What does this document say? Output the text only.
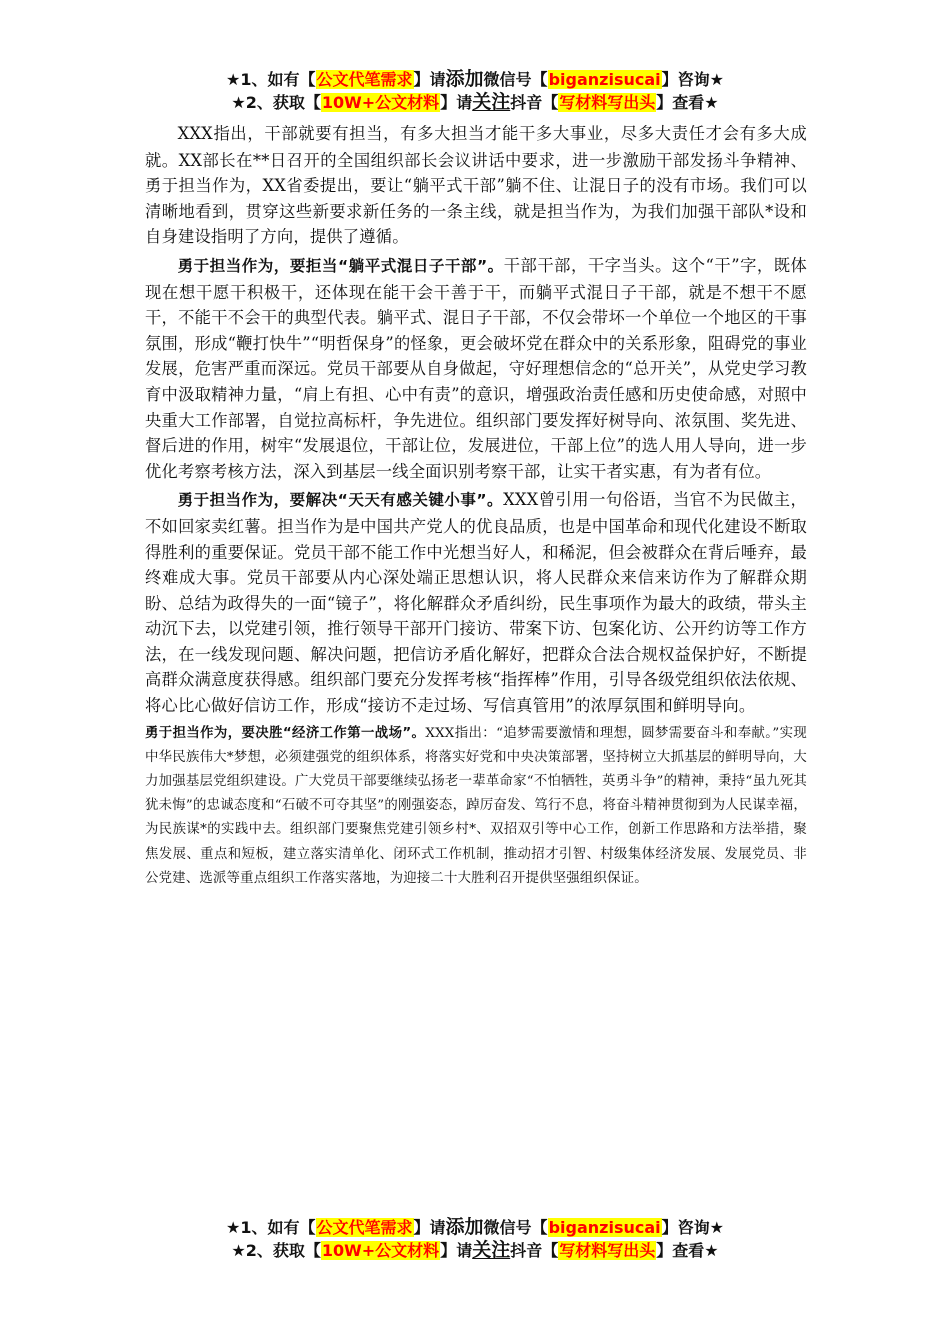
★1、如有【公文代笔需求】请添加微信号【biganzisucai】咨询★
★2、获取【10W+公文材料】请关注抖音【写材料写出头】查看★

XXX指出，干部就要有担当，有多大担当才能干多大事业，尽多大责任才会有多大成就。XX部长在**日召开的全国组织部长会议讲话中要求，进一步激励干部发扬斗争精神、勇于担当作为，XX省委提出，要让“躺平式干部”躺不住、让混日子的没有市场。我们可以清晰地看到，贯穿这些新要求新任务的一条主线，就是担当作为，为我们加强干部队*设和自身建设指明了方向，提供了遵循。

勇于担当作为，要拒当“躺平式混日子干部”。干部干部，干字当头。这个“干”字，既体现在想干愿干积极干，还体现在能干会干善于干，而躺平式混日子干部，就是不想干不愿干，不能干不会干的典型代表。躺平式、混日子干部，不仅会带坏一个单位一个地区的干事氛围，形成“鞭打快牛”“明哲保身”的怪象，更会破坏党在群众中的关系形象，阻碍党的事业发展，危害严重而深远。党员干部要从自身做起，守好理想信念的“总开关”，从党史学习教育中汲取精神力量，“肩上有担、心中有责”的意识，增强政治责任感和历史使命感，对照中央重大工作部署，自觉拉高标杆，争先进位。组织部门要发挥好树导向、浓氛围、奖先进、督后进的作用，树牢“发展退位，干部让位，发展进位，干部上位”的选人用人导向，进一步优化考察考核方法，深入到基层一线全面识别考察干部，让实干者实惠，有为者有位。

勇于担当作为，要解决“天天有感关键小事”。XXX曾引用一句俗语，当官不为民做主，不如回家卖红薯。担当作为是中国共产党人的优良品质，也是中国革命和现代化建设不断取得胜利的重要保证。党员干部不能工作中光想当好人，和稀泥，但会被群众在背后唾弃，最终难成大事。党员干部要从内心深处端正思想认识，将人民群众来信来访作为了解群众期盼、总结为政得失的一面“镜子”，将化解群众矛盾纠纷，民生事项作为最大的政绩，带头主动沉下去，以党建引领，推行领导干部开门接访、带案下访、包案化访、公开约访等工作方法，在一线发现问题、解决问题，把信访矛盾化解好，把群众合法合规权益保护好，不断提高群众满意度获得感。组织部门要充分发挥考核“指挥棒”作用，引导各级党组织依法依规、将心比心做好信访工作，形成“接访不走过场、写信真管用”的浓厚氛围和鲜明导向。

勇于担当作为，要决胜“经济工作第一战场”。XXX指出：“追梦需要激情和理想，圆梦需要奋斗和奉献。”实现中华民族伟大*梦想，必须建强党的组织体系，将落实好党和中央决策部署，坚持树立大抓基层的鲜明导向，大力加强基层党组织建设。广大党员干部要继续弘扬老一辈革命家“不怕牺牲，英勇斗争”的精神，秉持“虽九死其犹未悔”的忠诚态度和“石破不可夺其坚”的刚强姿态，踔厉奋发、笃行不息，将奋斗精神贯彻到为人民谋幸福，为民族谋*的实践中去。组织部门要聚焦党建引领乡村*、双招双引等中心工作，创新工作思路和方法举措，聚焦发展、重点和短板，建立落实清单化、闭环式工作机制，推动招才引智、村级集体经济发展、发展党员、非公党建、选派等重点组织工作落实落地，为迎接二十大胜利召开提供坚强组织保证。

★1、如有【公文代笔需求】请添加微信号【biganzisucai】咨询★
★2、获取【10W+公文材料】请关注抖音【写材料写出头】查看★
